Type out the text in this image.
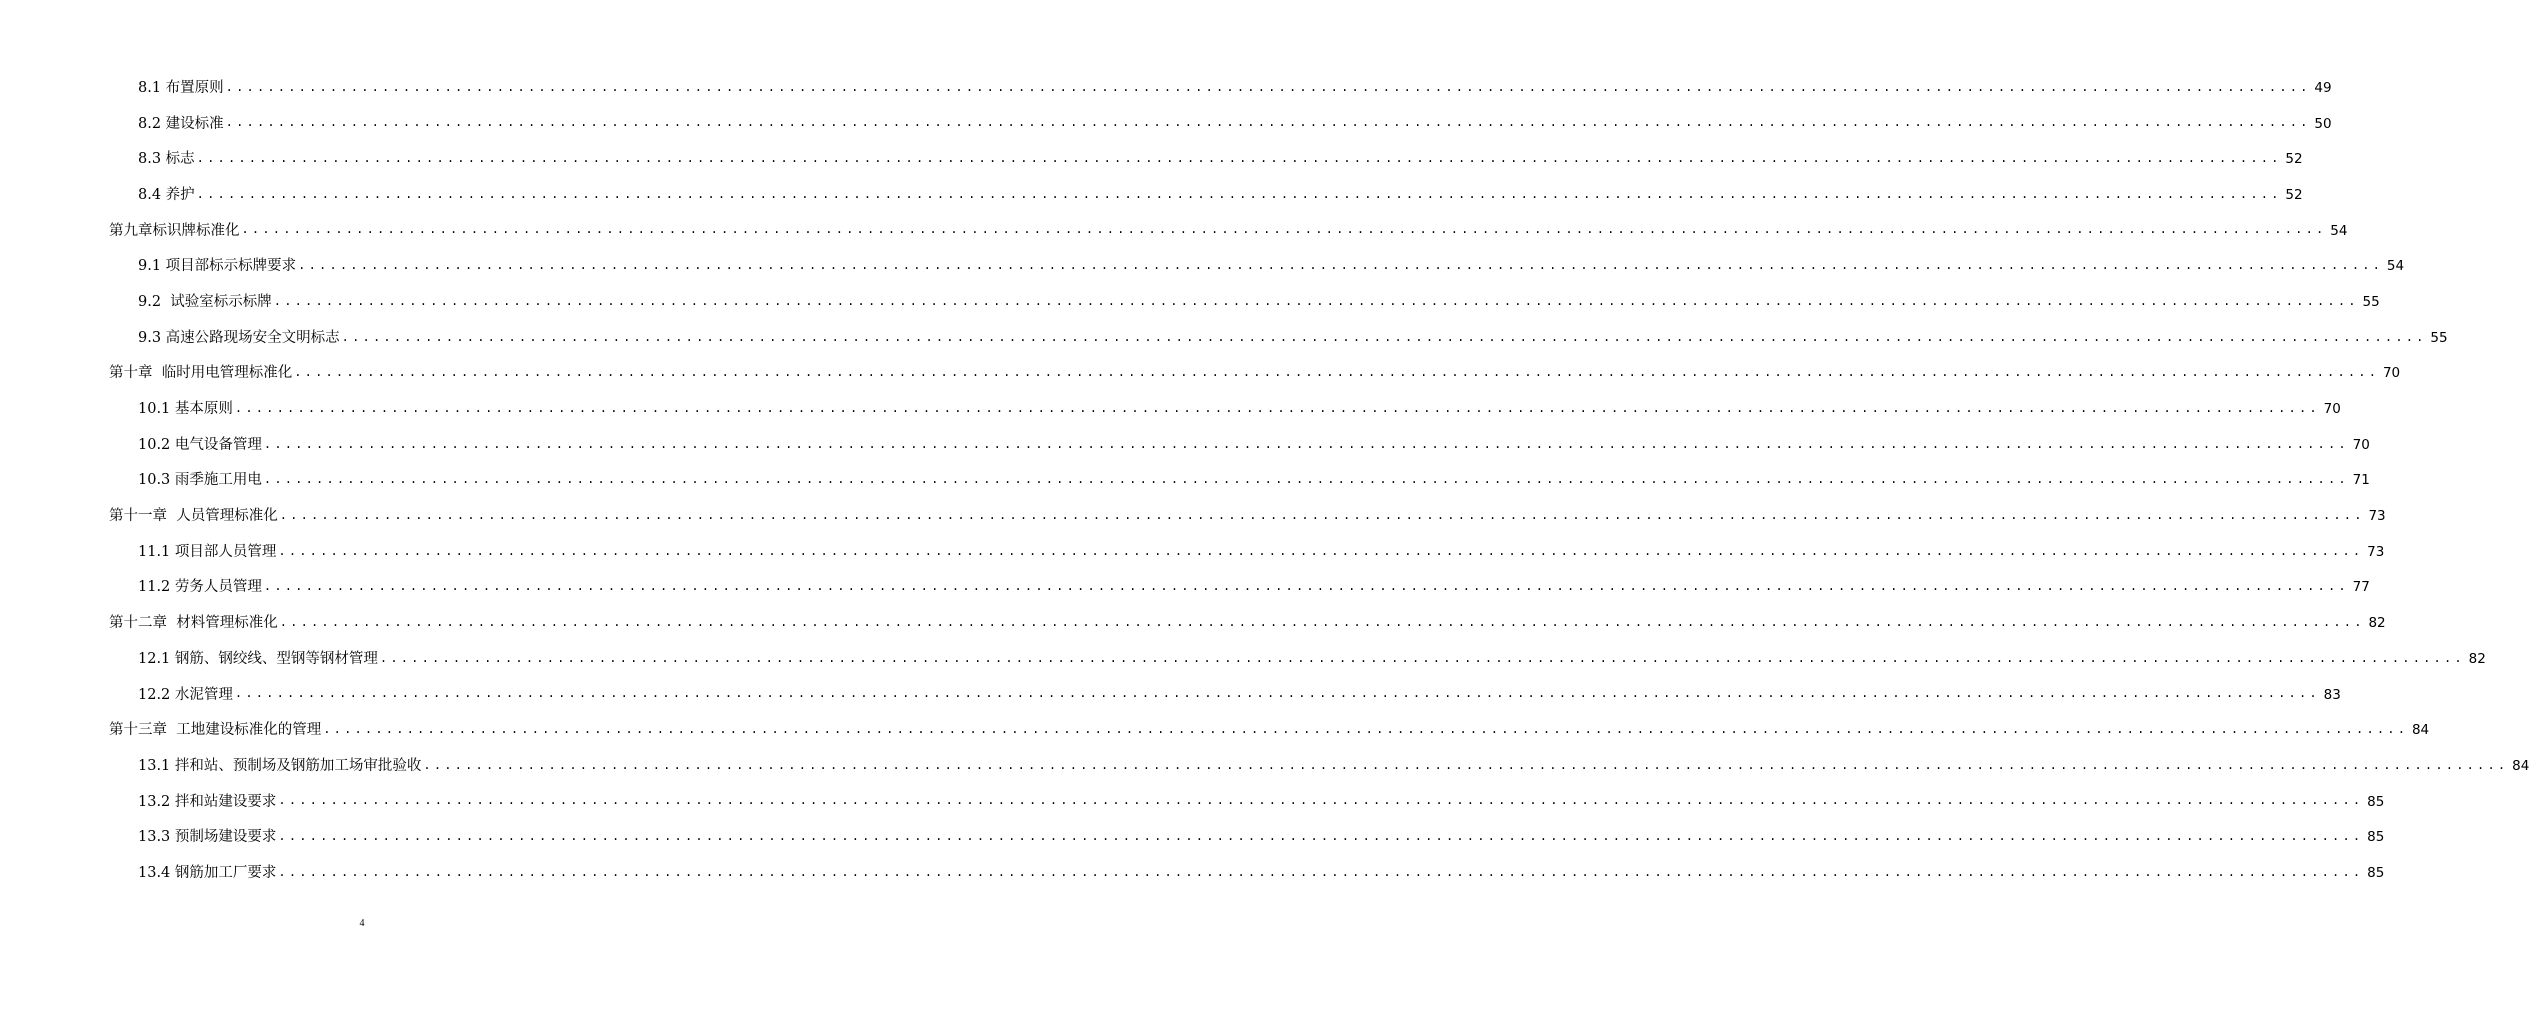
8.1 布置原则 ........................................................................................................................................................................................................ 49
8.2 建设标准 ........................................................................................................................................................................................................ 50
8.3 标志 ........................................................................................................................................................................................................ 52
8.4 养护 ........................................................................................................................................................................................................ 52
第九章标识牌标准化 ........................................................................................................................................................................................................ 54
9.1 项目部标示标牌要求 ........................................................................................................................................................................................................ 54
9.2  试验室标示标牌 ........................................................................................................................................................................................................ 55
9.3 高速公路现场安全文明标志 ........................................................................................................................................................................................................ 55
第十章  临时用电管理标准化 ........................................................................................................................................................................................................ 70
10.1 基本原则 ........................................................................................................................................................................................................ 70
10.2 电气设备管理 ........................................................................................................................................................................................................ 70
10.3 雨季施工用电 ........................................................................................................................................................................................................ 71
第十一章  人员管理标准化 ........................................................................................................................................................................................................ 73
11.1 项目部人员管理 ........................................................................................................................................................................................................ 73
11.2 劳务人员管理 ........................................................................................................................................................................................................ 77
第十二章  材料管理标准化 ........................................................................................................................................................................................................ 82
12.1 钢筋、钢绞线、型钢等钢材管理 ........................................................................................................................................................................................................ 82
12.2 水泥管理 ........................................................................................................................................................................................................ 83
第十三章  工地建设标准化的管理 ........................................................................................................................................................................................................ 84
13.1 拌和站、预制场及钢筋加工场审批验收 ........................................................................................................................................................................................................ 84
13.2 拌和站建设要求 ........................................................................................................................................................................................................ 85
13.3 预制场建设要求 ........................................................................................................................................................................................................ 85
13.4 钢筋加工厂要求 ........................................................................................................................................................................................................ 85
4
